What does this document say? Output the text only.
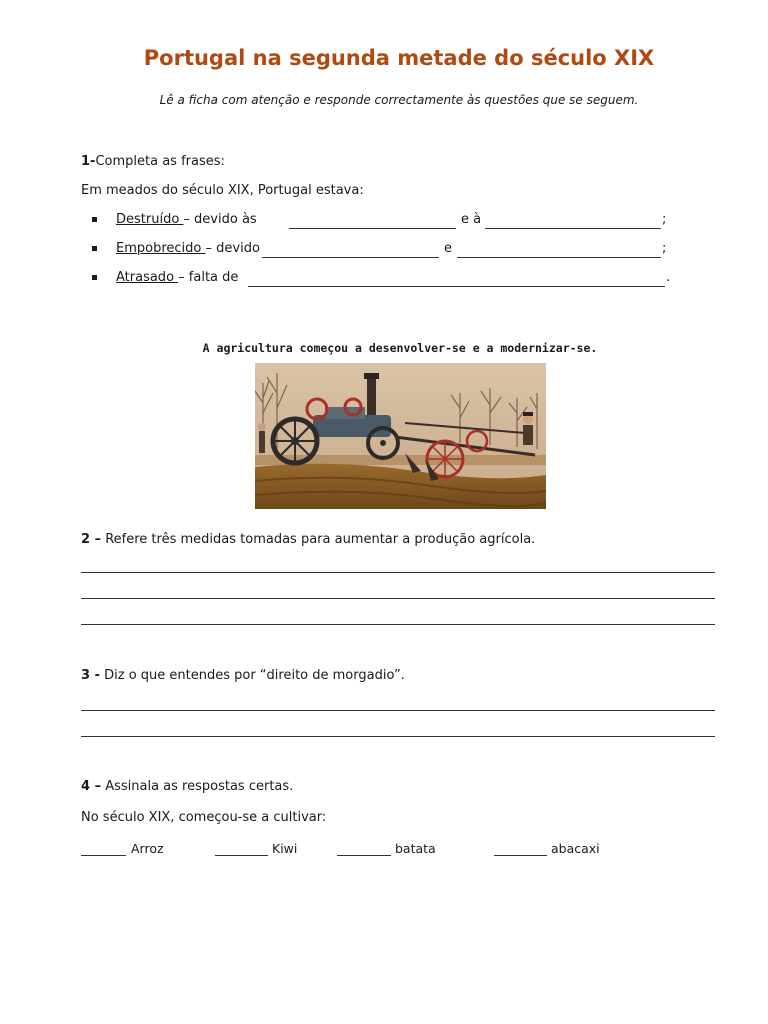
Portugal na segunda metade do século XIX
Lê a ficha com atenção e responde correctamente às questões que se seguem.
1-Completa as frases:
Em meados do século XIX, Portugal estava:
Destruído – devido às	e à	;
Empobrecido – devido	e	;
Atrasado – falta de	.
A agricultura começou a desenvolver-se e a modernizar-se.
2 – Refere três medidas tomadas para aumentar a produção agrícola.
3 - Diz o que entendes por “direito de morgadio”.
4 – Assinala as respostas certas.
No século XIX, começou-se a cultivar:
Arroz	Kiwi	batata	abacaxi
